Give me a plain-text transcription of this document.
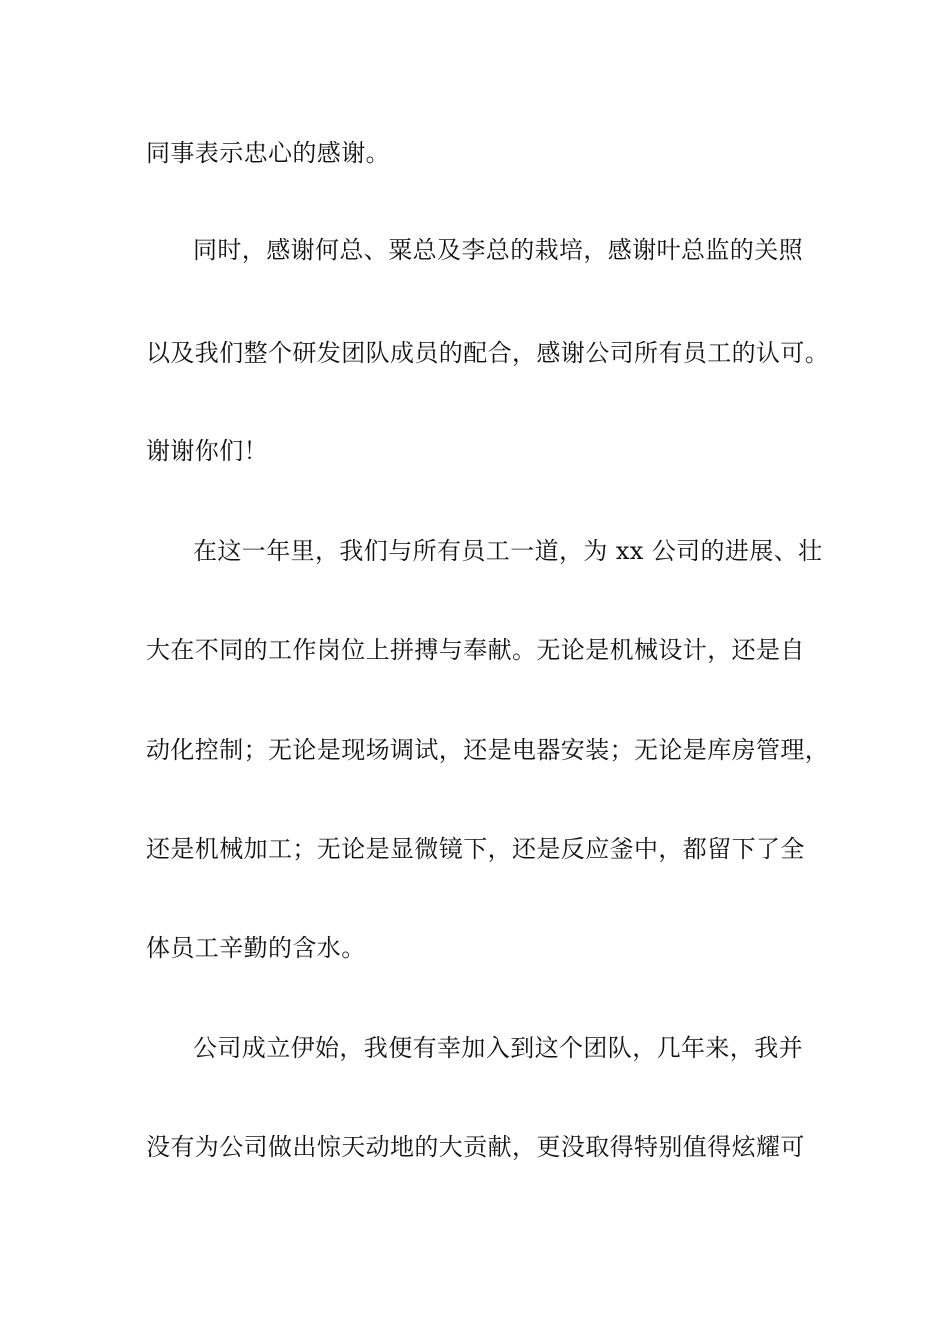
同事表示忠心的感谢。
同时，感谢何总、粟总及李总的栽培，感谢叶总监的关照
以及我们整个研发团队成员的配合，感谢公司所有员工的认可。
谢谢你们！
在这一年里，我们与所有员工一道，为 xx 公司的进展、壮
大在不同的工作岗位上拼搏与奉献。无论是机械设计，还是自
动化控制；无论是现场调试，还是电器安装；无论是库房管理，
还是机械加工；无论是显微镜下，还是反应釜中，都留下了全
体员工辛勤的含水。
公司成立伊始，我便有幸加入到这个团队，几年来，我并
没有为公司做出惊天动地的大贡献，更没取得特别值得炫耀可
